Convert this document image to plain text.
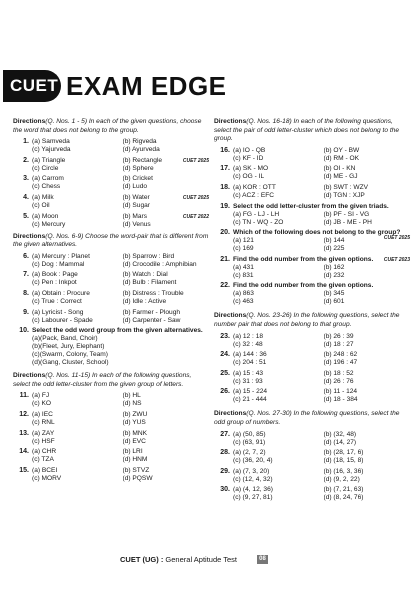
CUET EXAM EDGE
Directions(Q. Nos. 1 - 5) In each of the given questions, choose the word that does not belong to the group.
1. (a) Samveda	(b) Rigveda
(c) Yajurveda	(d) Ayurveda
2. (a) Triangle	(b) Rectangle
(c) Circle	(d) Sphere
CUET 2025
3. (a) Carrom	(b) Cricket
(c) Chess	(d) Ludo
4. (a) Milk	(b) Water
(c) Oil	(d) Sugar
CUET 2025
5. (a) Moon	(b) Mars
(c) Mercury	(d) Venus
CUET 2022
Directions(Q. Nos. 6-9) Choose the word-pair that is different from the given alternatives.
6. (a) Mercury : Planet	(b) Sparrow : Bird
(c) Dog : Mammal	(d) Crocodile : Amphibian
7. (a) Book : Page	(b) Watch : Dial
(c) Pen : Inkpot	(d) Bulb : Filament
8. (a) Obtain : Procure	(b) Distress : Trouble
(c) True : Correct	(d) Idle : Active
9. (a) Lyricist - Song	(b) Farmer - Plough
(c) Labourer - Spade	(d) Carpenter - Saw
10. Select the odd word group from the given alternatives.
(a)(Pack, Band, Choir)
(b)(Fleet, Jury, Elephant)
(c)(Swarm, Colony, Team)
(d)(Gang, Cluster, School)
Directions(Q. Nos. 11-15) In each of the following questions, select the odd letter-cluster from the given group of letters.
11. (a) FJ	(b) HL
(c) KO	(d) NS
12. (a) IEC	(b) ZWU
(c) RNL	(d) YUS
13. (a) ZAY	(b) MNK
(c) HSF	(d) EVC
14. (a) CHR	(b) LRI
(c) TZA	(d) HNM
15. (a) BCEI	(b) STVZ
(c) MORV	(d) PQSW
Directions(Q. Nos. 16-18) In each of the following questions, select the pair of odd letter-cluster which does not belong to the group.
16. (a) IO - QB	(b) OY - BW
(c) KF - ID	(d) RM - OK
17. (a) SK - MO	(b) OI - KN
(c) OG - IL	(d) ME - GJ
18. (a) KOR : OTT	(b) SWT : WZV
(c) ACZ : EFC	(d) TGN : XJP
19. Select the odd letter-cluster from the given triads.
(a) FG - LJ - LH	(b) PF - SI - VG
(c) TN - WQ - ZO	(d) JB - ME - PH
20. Which of the following does not belong to the group?
(a) 121	(b) 144
(c) 169	(d) 225
CUET 2025
21. Find the odd number from the given options.	CUET 2023
(a) 431	(b) 162
(c) 831	(d) 232
22. Find the odd number from the given options.
(a) 863	(b) 345
(c) 463	(d) 601
Directions(Q. Nos. 23-26) In the following questions, select the number pair that does not belong to that group.
23. (a) 12 : 18	(b) 26 : 39
(c) 32 : 48	(d) 18 : 27
24. (a) 144 : 36	(b) 248 : 62
(c) 204 : 51	(d) 196 : 47
25. (a) 15 : 43	(b) 18 : 52
(c) 31 : 93	(d) 26 : 76
26. (a) 15 - 224	(b) 11 - 124
(c) 21 - 444	(d) 18 - 384
Directions(Q. Nos. 27-30) In the following questions, select the odd group of numbers.
27. (a) (50, 85)	(b) (32, 48)
(c) (63, 91)	(d) (14, 27)
28. (a) (2, 7, 2)	(b) (28, 17, 6)
(c) (36, 20, 4)	(d) (18, 15, 8)
29. (a) (7, 3, 20)	(b) (16, 3, 36)
(c) (12, 4, 32)	(d) (9, 2, 22)
30. (a) (4, 12, 36)	(b) (7, 21, 63)
(c) (9, 27, 81)	(d) (8, 24, 76)
CUET (UG) : General Aptitude Test	08
